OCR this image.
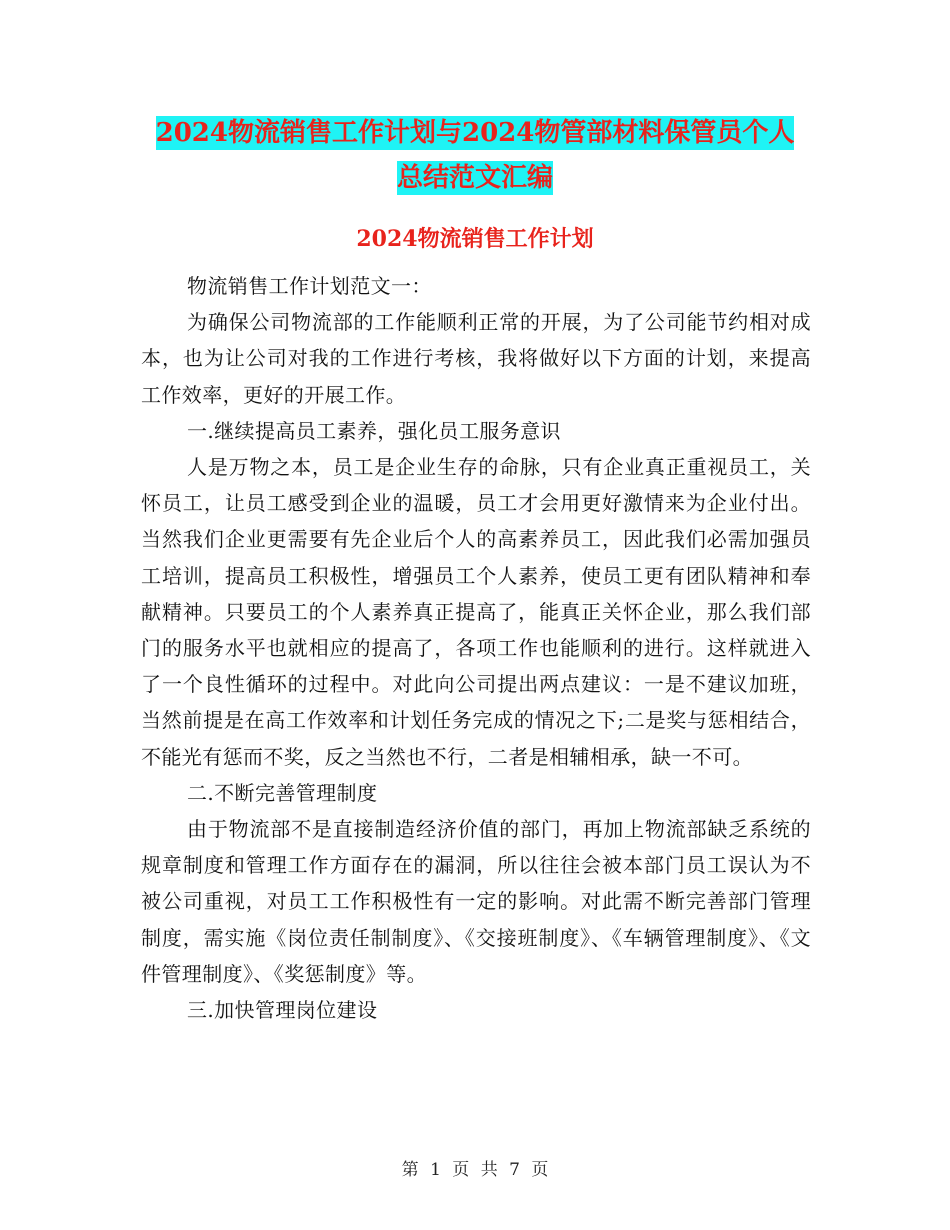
2024物流销售工作计划与2024物管部材料保管员个人
总结范文汇编
2024物流销售工作计划

物流销售工作计划范文一：

为确保公司物流部的工作能顺利正常的开展，为了公司能节约相对成本，也为让公司对我的工作进行考核，我将做好以下方面的计划，来提高工作效率，更好的开展工作。

一.继续提高员工素养，强化员工服务意识

人是万物之本，员工是企业生存的命脉，只有企业真正重视员工，关怀员工，让员工感受到企业的温暖，员工才会用更好激情来为企业付出。当然我们企业更需要有先企业后个人的高素养员工，因此我们必需加强员工培训，提高员工积极性，增强员工个人素养，使员工更有团队精神和奉献精神。只要员工的个人素养真正提高了，能真正关怀企业，那么我们部门的服务水平也就相应的提高了，各项工作也能顺利的进行。这样就进入了一个良性循环的过程中。对此向公司提出两点建议：一是不建议加班，当然前提是在高工作效率和计划任务完成的情况之下;二是奖与惩相结合，不能光有惩而不奖，反之当然也不行，二者是相辅相承，缺一不可。

二.不断完善管理制度

由于物流部不是直接制造经济价值的部门，再加上物流部缺乏系统的规章制度和管理工作方面存在的漏洞，所以往往会被本部门员工误认为不被公司重视，对员工工作积极性有一定的影响。对此需不断完善部门管理制度，需实施《岗位责任制制度》、《交接班制度》、《车辆管理制度》、《文件管理制度》、《奖惩制度》等。

三.加快管理岗位建设

第 1 页 共 7 页
